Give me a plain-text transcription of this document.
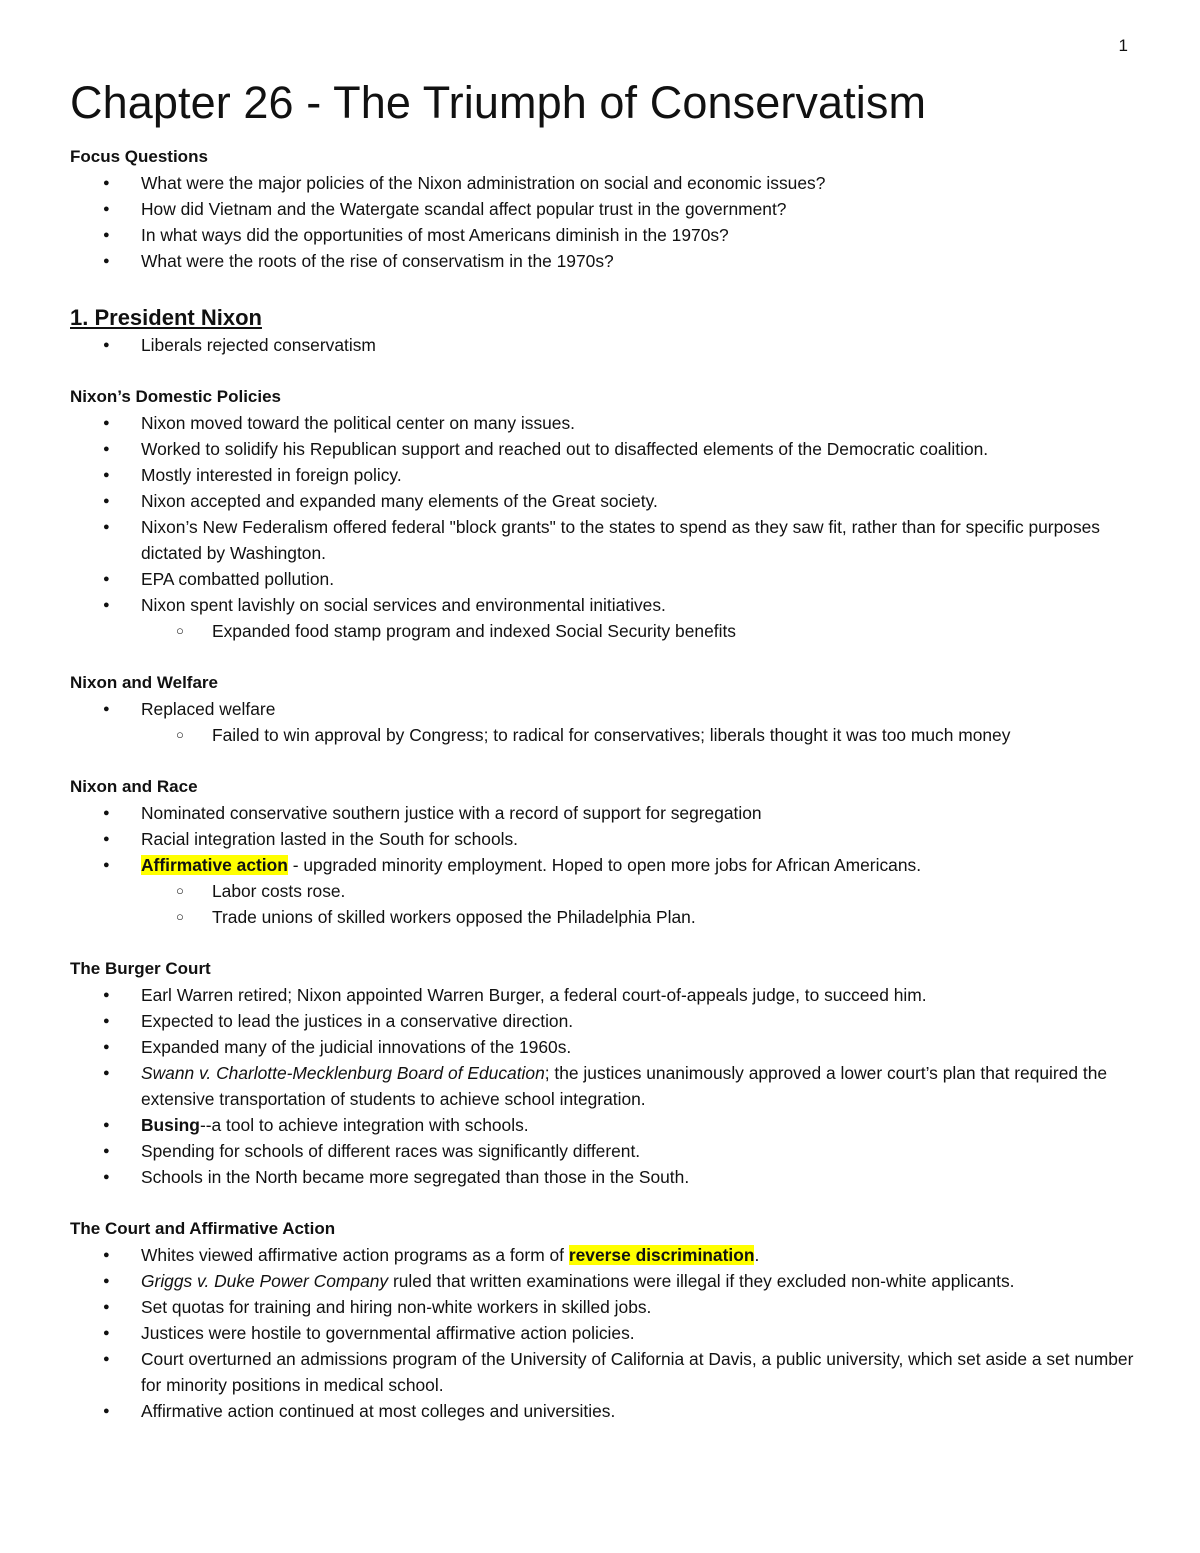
1
Chapter 26 - The Triumph of Conservatism
Focus Questions
● What were the major policies of the Nixon administration on social and economic issues?
● How did Vietnam and the Watergate scandal affect popular trust in the government?
● In what ways did the opportunities of most Americans diminish in the 1970s?
● What were the roots of the rise of conservatism in the 1970s?
1. President Nixon
● Liberals rejected conservatism
Nixon’s Domestic Policies
● Nixon moved toward the political center on many issues.
● Worked to solidify his Republican support and reached out to disaffected elements of the Democratic coalition.
● Mostly interested in foreign policy.
● Nixon accepted and expanded many elements of the Great society.
● Nixon’s New Federalism offered federal "block grants" to the states to spend as they saw fit, rather than for specific purposes dictated by Washington.
● EPA combatted pollution.
● Nixon spent lavishly on social services and environmental initiatives.
○ Expanded food stamp program and indexed Social Security benefits
Nixon and Welfare
● Replaced welfare
○ Failed to win approval by Congress; to radical for conservatives; liberals thought it was too much money
Nixon and Race
● Nominated conservative southern justice with a record of support for segregation
● Racial integration lasted in the South for schools.
● Affirmative action - upgraded minority employment. Hoped to open more jobs for African Americans.
○ Labor costs rose.
○ Trade unions of skilled workers opposed the Philadelphia Plan.
The Burger Court
● Earl Warren retired; Nixon appointed Warren Burger, a federal court-of-appeals judge, to succeed him.
● Expected to lead the justices in a conservative direction.
● Expanded many of the judicial innovations of the 1960s.
● Swann v. Charlotte-Mecklenburg Board of Education; the justices unanimously approved a lower court’s plan that required the extensive transportation of students to achieve school integration.
● Busing--a tool to achieve integration with schools.
● Spending for schools of different races was significantly different.
● Schools in the North became more segregated than those in the South.
The Court and Affirmative Action
● Whites viewed affirmative action programs as a form of reverse discrimination.
● Griggs v. Duke Power Company ruled that written examinations were illegal if they excluded non-white applicants.
● Set quotas for training and hiring non-white workers in skilled jobs.
● Justices were hostile to governmental affirmative action policies.
● Court overturned an admissions program of the University of California at Davis, a public university, which set aside a set number for minority positions in medical school.
● Affirmative action continued at most colleges and universities.
